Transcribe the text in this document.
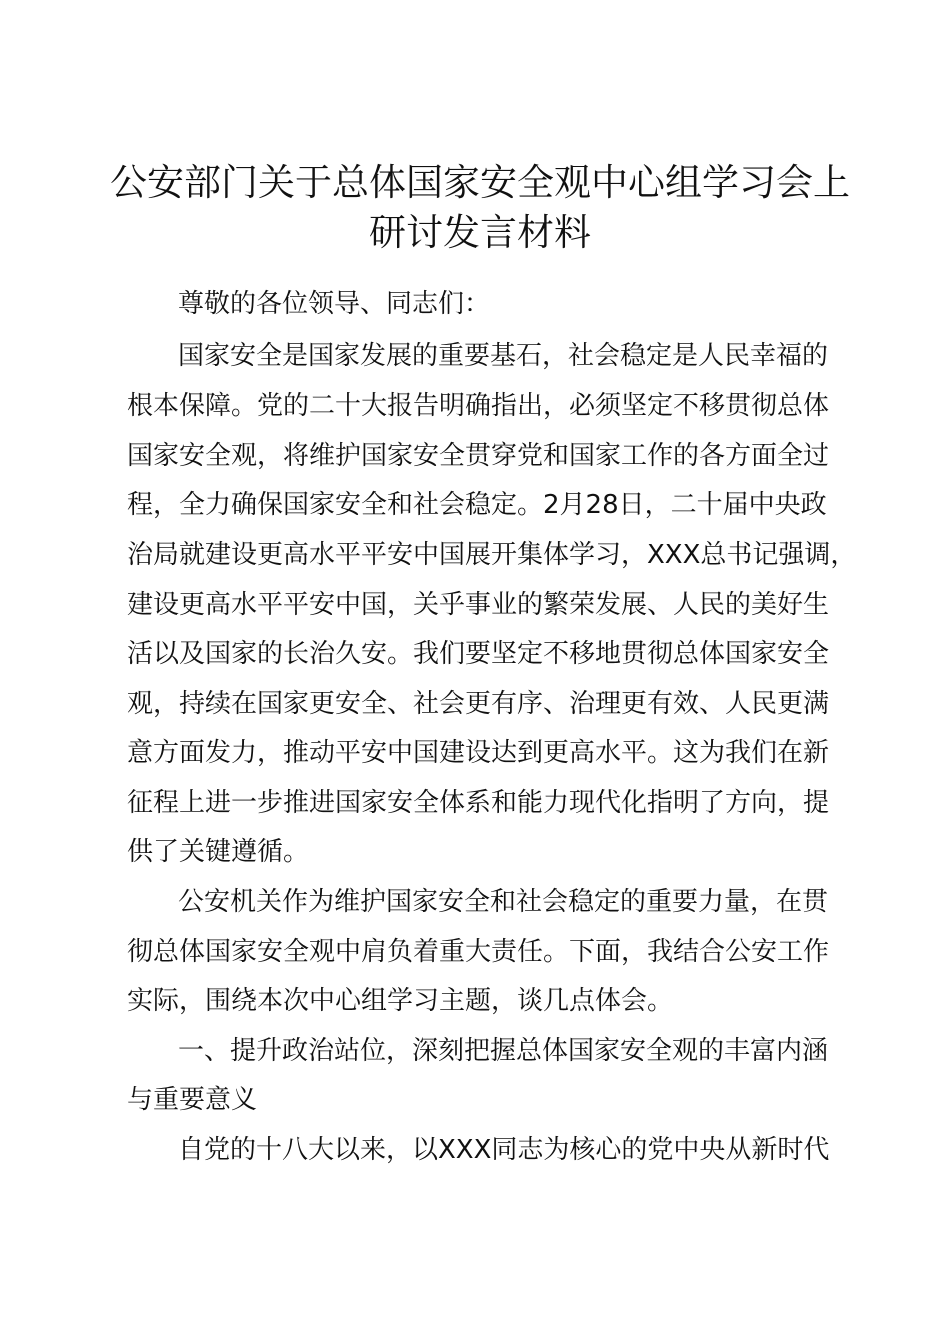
公安部门关于总体国家安全观中心组学习会上
研讨发言材料

尊敬的各位领导、同志们：

国家安全是国家发展的重要基石，社会稳定是人民幸福的

根本保障。党的二十大报告明确指出，必须坚定不移贯彻总体

国家安全观，将维护国家安全贯穿党和国家工作的各方面全过

程，全力确保国家安全和社会稳定。2月28日，二十届中央政

治局就建设更高水平平安中国展开集体学习，XXX总书记强调，

建设更高水平平安中国，关乎事业的繁荣发展、人民的美好生

活以及国家的长治久安。我们要坚定不移地贯彻总体国家安全

观，持续在国家更安全、社会更有序、治理更有效、人民更满

意方面发力，推动平安中国建设达到更高水平。这为我们在新

征程上进一步推进国家安全体系和能力现代化指明了方向，提

供了关键遵循。

公安机关作为维护国家安全和社会稳定的重要力量，在贯

彻总体国家安全观中肩负着重大责任。下面，我结合公安工作

实际，围绕本次中心组学习主题，谈几点体会。

一、提升政治站位，深刻把握总体国家安全观的丰富内涵

与重要意义

自党的十八大以来，以XXX同志为核心的党中央从新时代
